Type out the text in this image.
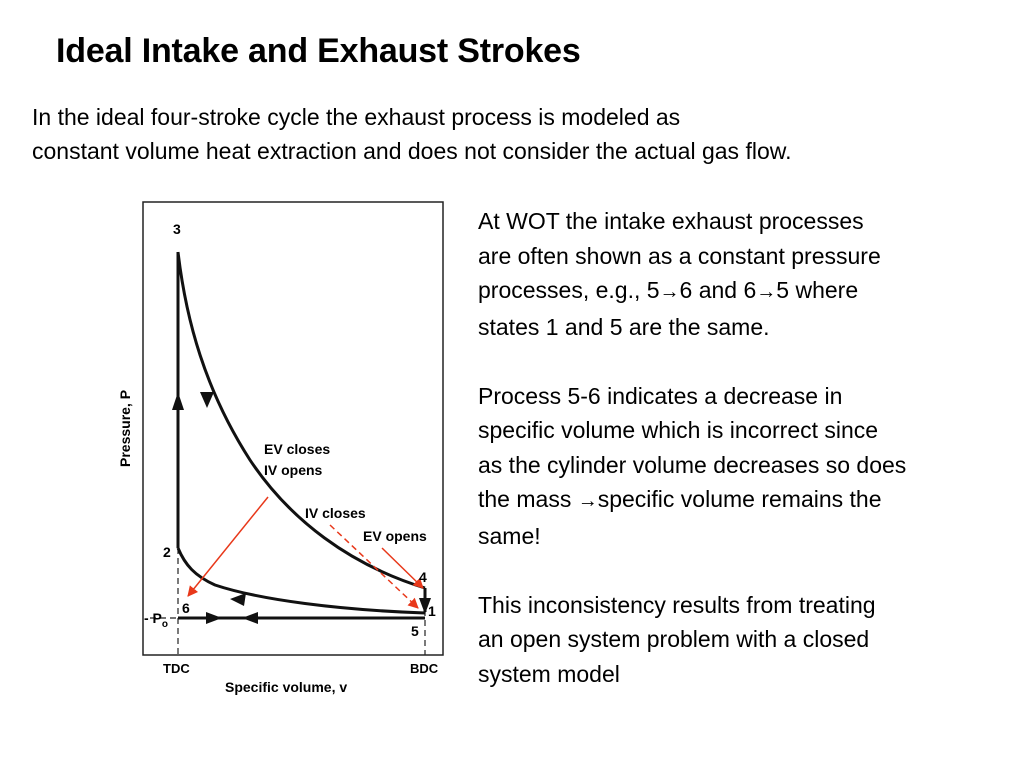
Ideal Intake and Exhaust Strokes
In the ideal four-stroke cycle the exhaust process is modeled as
constant volume heat extraction and does not consider the actual gas flow.
At WOT the intake exhaust processes
are often shown as a constant pressure
processes, e.g., 5→6 and 6→5 where
states 1 and 5 are the same.
Process 5-6 indicates a decrease in
specific volume which is incorrect since
as the cylinder volume decreases so does
the mass →specific volume remains the
same!
This inconsistency results from treating
an open system problem with a closed
system model
3
2
6
4
1
5
- $P_o$
EV closes
IV opens
IV closes
EV opens
TDC	BDC
Specific volume, v
Pressure, P
